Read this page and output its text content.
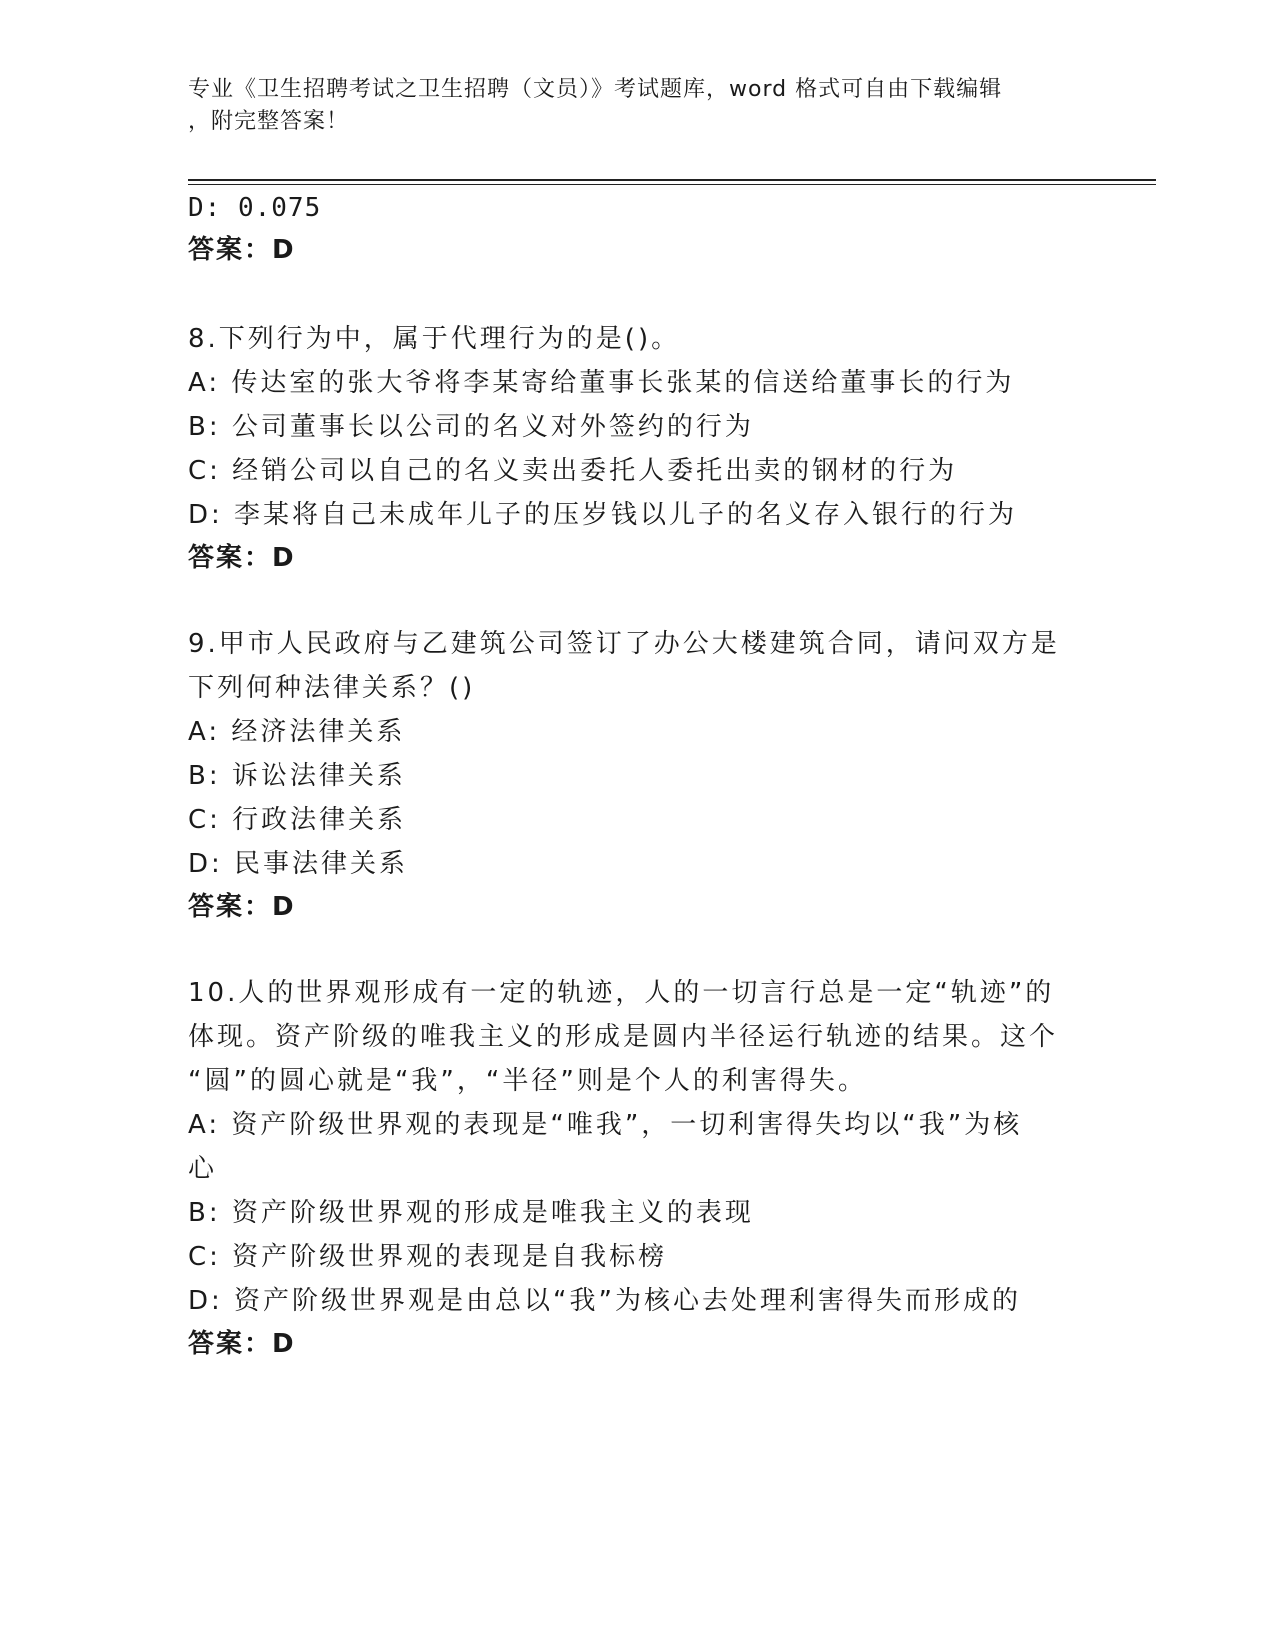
专业《卫生招聘考试之卫生招聘（文员）》考试题库，word 格式可自由下载编辑
，附完整答案！
D: 0.075
答案：D
8.下列行为中，属于代理行为的是()。
A: 传达室的张大爷将李某寄给董事长张某的信送给董事长的行为
B: 公司董事长以公司的名义对外签约的行为
C: 经销公司以自己的名义卖出委托人委托出卖的钢材的行为
D: 李某将自己未成年儿子的压岁钱以儿子的名义存入银行的行为
答案：D
9.甲市人民政府与乙建筑公司签订了办公大楼建筑合同，请问双方是
下列何种法律关系？()
A: 经济法律关系
B: 诉讼法律关系
C: 行政法律关系
D: 民事法律关系
答案：D
10.人的世界观形成有一定的轨迹，人的一切言行总是一定“轨迹”的
体现。资产阶级的唯我主义的形成是圆内半径运行轨迹的结果。这个
“圆”的圆心就是“我”，“半径”则是个人的利害得失。
A: 资产阶级世界观的表现是“唯我”，一切利害得失均以“我”为核
心
B: 资产阶级世界观的形成是唯我主义的表现
C: 资产阶级世界观的表现是自我标榜
D: 资产阶级世界观是由总以“我”为核心去处理利害得失而形成的
答案：D
